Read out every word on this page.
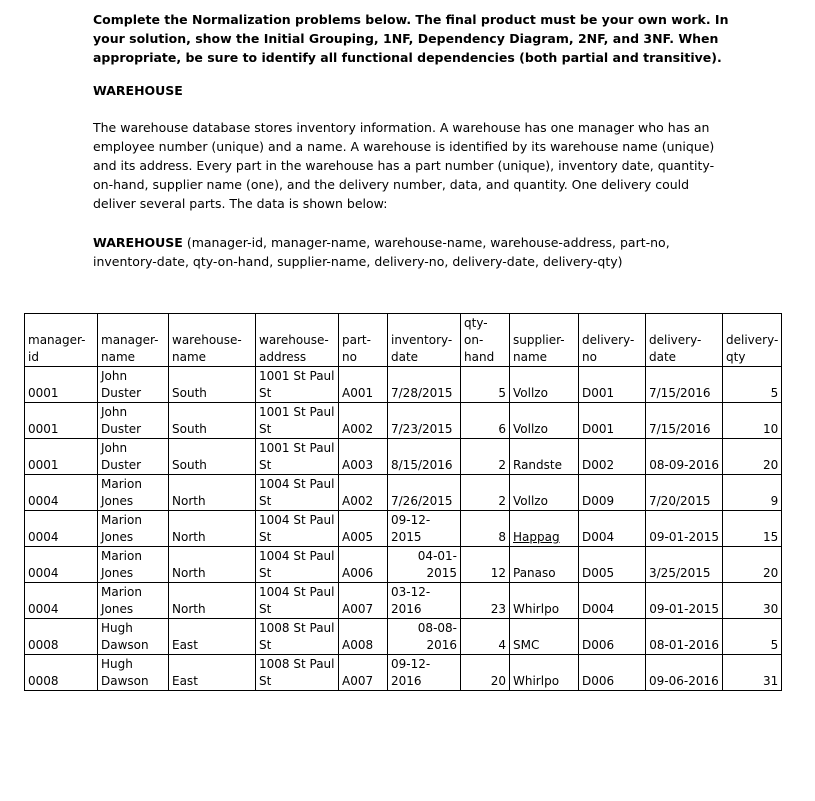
Complete the Normalization problems below. The final product must be your own work. In your solution, show the Initial Grouping, 1NF, Dependency Diagram, 2NF, and 3NF. When appropriate, be sure to identify all functional dependencies (both partial and transitive).
WAREHOUSE
The warehouse database stores inventory information. A warehouse has one manager who has an employee number (unique) and a name. A warehouse is identified by its warehouse name (unique) and its address. Every part in the warehouse has a part number (unique), inventory date, quantity-on-hand, supplier name (one), and the delivery number, data, and quantity. One delivery could deliver several parts. The data is shown below:
WAREHOUSE (manager-id, manager-name, warehouse-name, warehouse-address, part-no, inventory-date, qty-on-hand, supplier-name, delivery-no, delivery-date, delivery-qty)
manager-id	manager-name	warehouse-name	warehouse-address	part-no	inventory-date	qty-on-hand	supplier-name	delivery-no	delivery-date	delivery-qty
0001	John Duster	South	1001 St Paul St	A001	7/28/2015	5	Vollzo	D001	7/15/2016	5
0001	John Duster	South	1001 St Paul St	A002	7/23/2015	6	Vollzo	D001	7/15/2016	10
0001	John Duster	South	1001 St Paul St	A003	8/15/2016	2	Randste	D002	08-09-2016	20
0004	Marion Jones	North	1004 St Paul St	A002	7/26/2015	2	Vollzo	D009	7/20/2015	9
0004	Marion Jones	North	1004 St Paul St	A005	09-12-2015	8	Happag	D004	09-01-2015	15
0004	Marion Jones	North	1004 St Paul St	A006	04-01-2015	12	Panaso	D005	3/25/2015	20
0004	Marion Jones	North	1004 St Paul St	A007	03-12-2016	23	Whirlpo	D004	09-01-2015	30
0008	Hugh Dawson	East	1008 St Paul St	A008	08-08-2016	4	SMC	D006	08-01-2016	5
0008	Hugh Dawson	East	1008 St Paul St	A007	09-12-2016	20	Whirlpo	D006	09-06-2016	31
